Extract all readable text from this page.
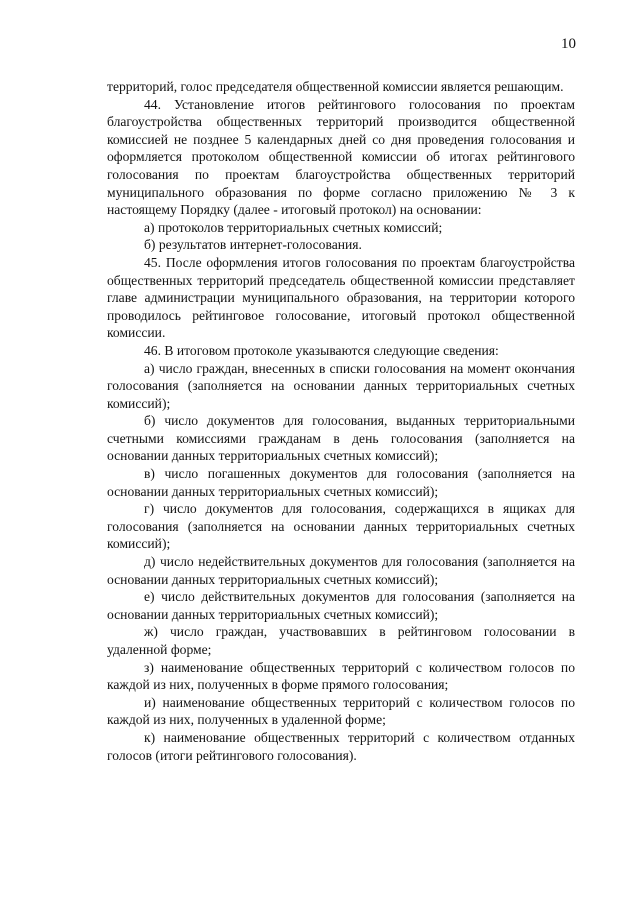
10

территорий, голос председателя общественной комиссии является решающим.

44. Установление итогов рейтингового голосования по проектам благоустройства общественных территорий производится общественной комиссией не позднее 5 календарных дней со дня проведения голосования и оформляется протоколом общественной комиссии об итогах рейтингового голосования по проектам благоустройства общественных территорий муниципального образования по форме согласно приложению № 3 к настоящему Порядку (далее - итоговый протокол) на основании:

а) протоколов территориальных счетных комиссий;

б) результатов интернет-голосования.

45. После оформления итогов голосования по проектам благоустройства общественных территорий председатель общественной комиссии представляет главе администрации муниципального образования, на территории которого проводилось рейтинговое голосование, итоговый протокол общественной комиссии.

46. В итоговом протоколе указываются следующие сведения:

а) число граждан, внесенных в списки голосования на момент окончания голосования (заполняется на основании данных территориальных счетных комиссий);

б) число документов для голосования, выданных территориальными счетными комиссиями гражданам в день голосования (заполняется на основании данных территориальных счетных комиссий);

в) число погашенных документов для голосования (заполняется на основании данных территориальных счетных комиссий);

г) число документов для голосования, содержащихся в ящиках для голосования (заполняется на основании данных территориальных счетных комиссий);

д) число недействительных документов для голосования (заполняется на основании данных территориальных счетных комиссий);

е) число действительных документов для голосования (заполняется на основании данных территориальных счетных комиссий);

ж) число граждан, участвовавших в рейтинговом голосовании в удаленной форме;

з) наименование общественных территорий с количеством голосов по каждой из них, полученных в форме прямого голосования;

и) наименование общественных территорий с количеством голосов по каждой из них, полученных в удаленной форме;

к) наименование общественных территорий с количеством отданных голосов (итоги рейтингового голосования).
